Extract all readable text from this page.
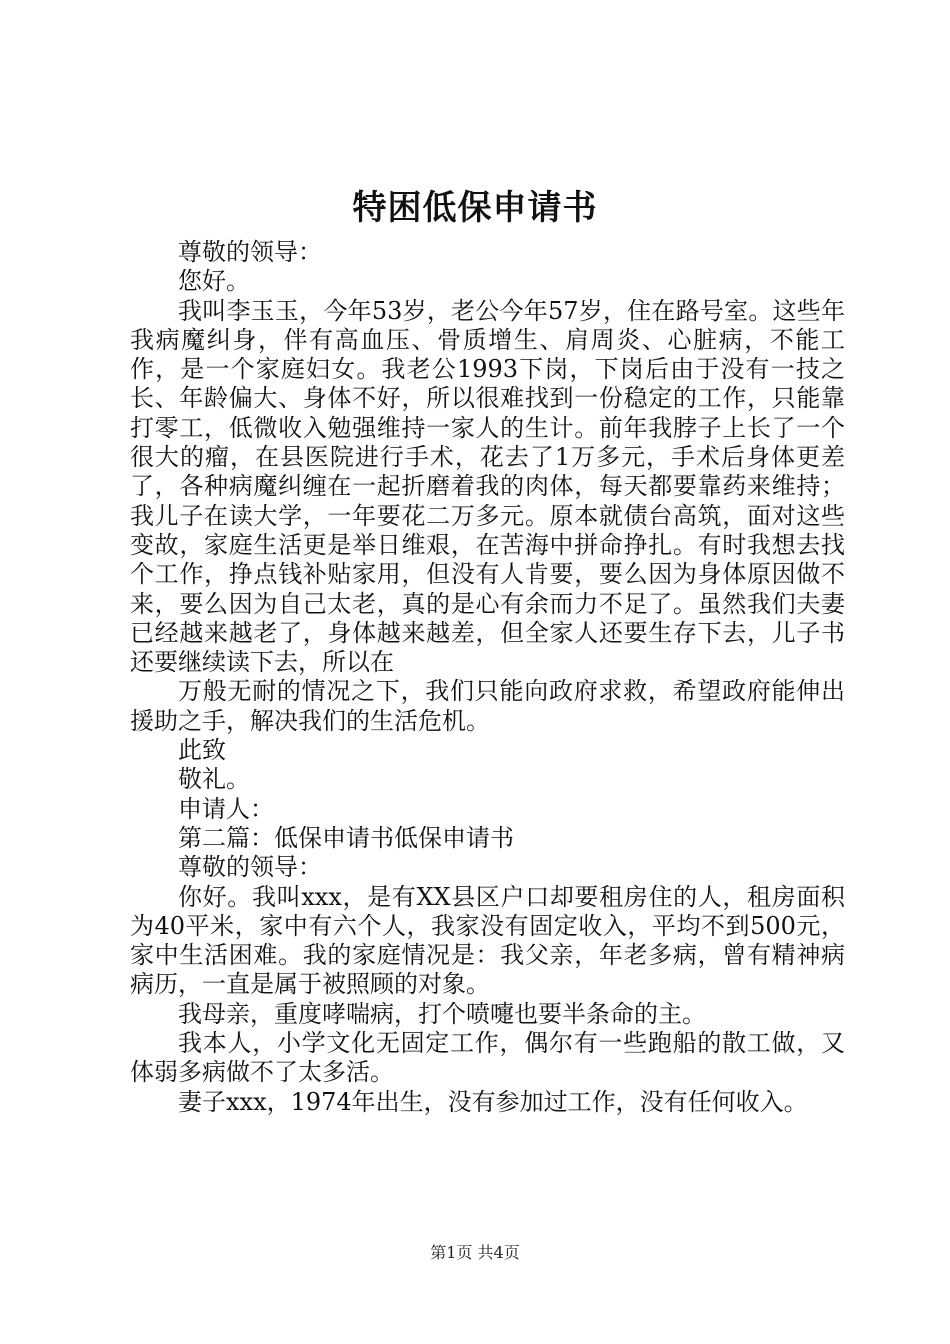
特困低保申请书

尊敬的领导：

您好。

我叫李玉玉，今年53岁，老公今年57岁，住在路号室。这些年我病魔纠身，伴有高血压、骨质增生、肩周炎、心脏病，不能工作，是一个家庭妇女。我老公1993下岗，下岗后由于没有一技之长、年龄偏大、身体不好，所以很难找到一份稳定的工作，只能靠打零工，低微收入勉强维持一家人的生计。前年我脖子上长了一个很大的瘤，在县医院进行手术，花去了1万多元，手术后身体更差了，各种病魔纠缠在一起折磨着我的肉体，每天都要靠药来维持；我儿子在读大学，一年要花二万多元。原本就债台高筑，面对这些变故，家庭生活更是举日维艰，在苦海中拼命挣扎。有时我想去找个工作，挣点钱补贴家用，但没有人肯要，要么因为身体原因做不来，要么因为自己太老，真的是心有余而力不足了。虽然我们夫妻已经越来越老了，身体越来越差，但全家人还要生存下去，儿子书还要继续读下去，所以在

万般无耐的情况之下，我们只能向政府求救，希望政府能伸出援助之手，解决我们的生活危机。

此致

敬礼。

申请人：

第二篇：低保申请书低保申请书

尊敬的领导：

你好。我叫xxx，是有XX县区户口却要租房住的人，租房面积为40平米，家中有六个人，我家没有固定收入，平均不到500元，家中生活困难。我的家庭情况是：我父亲，年老多病，曾有精神病病历，一直是属于被照顾的对象。

我母亲，重度哮喘病，打个喷嚏也要半条命的主。

我本人，小学文化无固定工作，偶尔有一些跑船的散工做，又体弱多病做不了太多活。

妻子xxx，1974年出生，没有参加过工作，没有任何收入。

第1页 共4页
